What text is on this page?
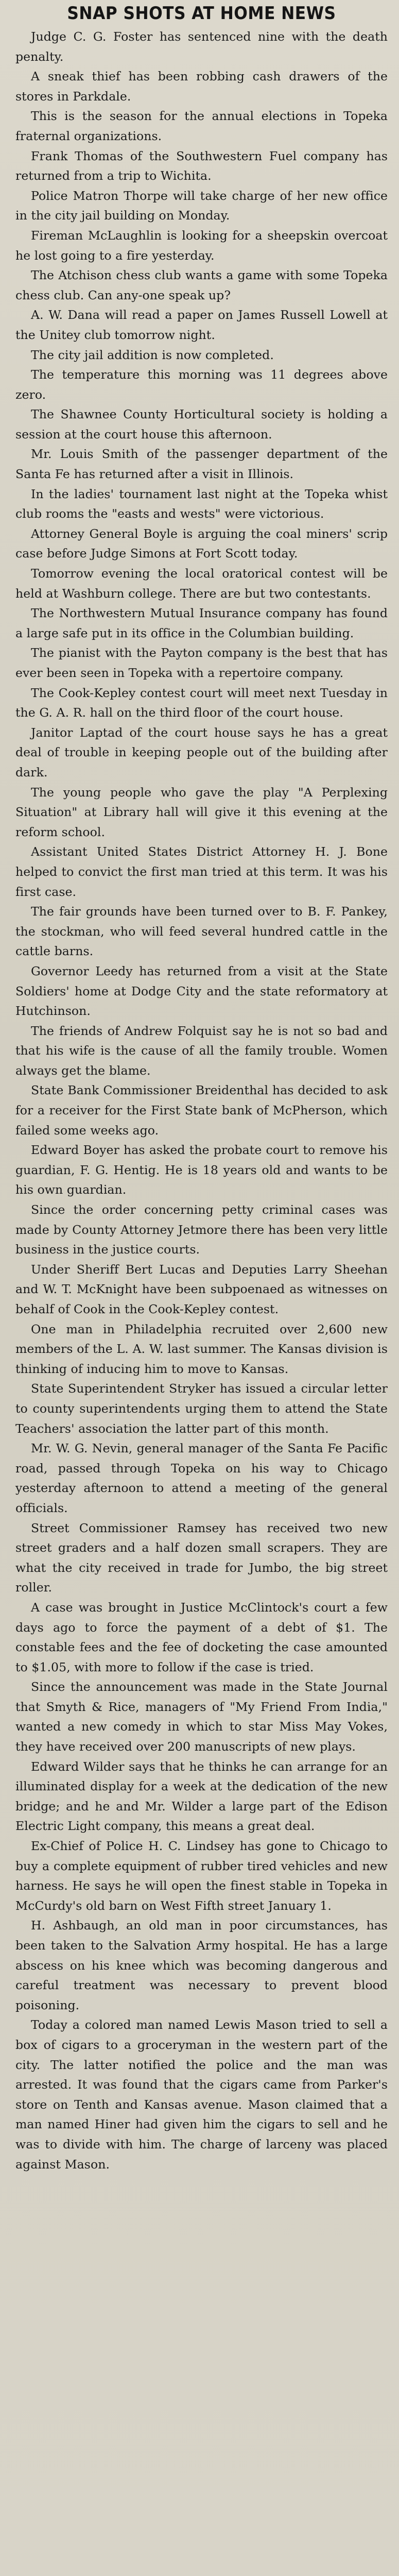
SNAP SHOTS AT HOME NEWS

Judge C. G. Foster has sentenced nine with the death penalty.

A sneak thief has been robbing cash drawers of the stores in Parkdale.

This is the season for the annual elections in Topeka fraternal organizations.

Frank Thomas of the Southwestern Fuel company has returned from a trip to Wichita.

Police Matron Thorpe will take charge of her new office in the city jail building on Monday.

Fireman McLaughlin is looking for a sheepskin overcoat he lost going to a fire yesterday.

The Atchison chess club wants a game with some Topeka chess club. Can any-one speak up?

A. W. Dana will read a paper on James Russell Lowell at the Unitey club tomorrow night.

The city jail addition is now completed.

The temperature this morning was 11 degrees above zero.

The Shawnee County Horticultural society is holding a session at the court house this afternoon.

Mr. Louis Smith of the passenger department of the Santa Fe has returned after a visit in Illinois.

In the ladies' tournament last night at the Topeka whist club rooms the "easts and wests" were victorious.

Attorney General Boyle is arguing the coal miners' scrip case before Judge Simons at Fort Scott today.

Tomorrow evening the local oratorical contest will be held at Washburn college. There are but two contestants.

The Northwestern Mutual Insurance company has found a large safe put in its office in the Columbian building.

The pianist with the Payton company is the best that has ever been seen in Topeka with a repertoire company.

The Cook-Kepley contest court will meet next Tuesday in the G. A. R. hall on the third floor of the court house.

Janitor Laptad of the court house says he has a great deal of trouble in keeping people out of the building after dark.

The young people who gave the play "A Perplexing Situation" at Library hall will give it this evening at the reform school.

Assistant United States District Attorney H. J. Bone helped to convict the first man tried at this term. It was his first case.

The fair grounds have been turned over to B. F. Pankey, the stockman, who will feed several hundred cattle in the cattle barns.

Governor Leedy has returned from a visit at the State Soldiers' home at Dodge City and the state reformatory at Hutchinson.

The friends of Andrew Folquist say he is not so bad and that his wife is the cause of all the family trouble. Women always get the blame.

State Bank Commissioner Breidenthal has decided to ask for a receiver for the First State bank of McPherson, which failed some weeks ago.

Edward Boyer has asked the probate court to remove his guardian, F. G. Hentig. He is 18 years old and wants to be his own guardian.

Since the order concerning petty criminal cases was made by County Attorney Jetmore there has been very little business in the justice courts.

Under Sheriff Bert Lucas and Deputies Larry Sheehan and W. T. McKnight have been subpoenaed as witnesses on behalf of Cook in the Cook-Kepley contest.

One man in Philadelphia recruited over 2,600 new members of the L. A. W. last summer. The Kansas division is thinking of inducing him to move to Kansas.

State Superintendent Stryker has issued a circular letter to county superintendents urging them to attend the State Teachers' association the latter part of this month.

Mr. W. G. Nevin, general manager of the Santa Fe Pacific road, passed through Topeka on his way to Chicago yesterday afternoon to attend a meeting of the general officials.

Street Commissioner Ramsey has received two new street graders and a half dozen small scrapers. They are what the city received in trade for Jumbo, the big street roller.

A case was brought in Justice McClintock's court a few days ago to force the payment of a debt of $1. The constable fees and the fee of docketing the case amounted to $1.05, with more to follow if the case is tried.

Since the announcement was made in the State Journal that Smyth & Rice, managers of "My Friend From India," wanted a new comedy in which to star Miss May Vokes, they have received over 200 manuscripts of new plays.

Edward Wilder says that he thinks he can arrange for an illuminated display for a week at the dedication of the new bridge; and he and Mr. Wilder a large part of the Edison Electric Light company, this means a great deal.

Ex-Chief of Police H. C. Lindsey has gone to Chicago to buy a complete equipment of rubber tired vehicles and new harness. He says he will open the finest stable in Topeka in McCurdy's old barn on West Fifth street January 1.

H. Ashbaugh, an old man in poor circumstances, has been taken to the Salvation Army hospital. He has a large abscess on his knee which was becoming dangerous and careful treatment was necessary to prevent blood poisoning.

Today a colored man named Lewis Mason tried to sell a box of cigars to a groceryman in the western part of the city. The latter notified the police and the man was arrested. It was found that the cigars came from Parker's store on Tenth and Kansas avenue. Mason claimed that a man named Hiner had given him the cigars to sell and he was to divide with him. The charge of larceny was placed against Mason.
